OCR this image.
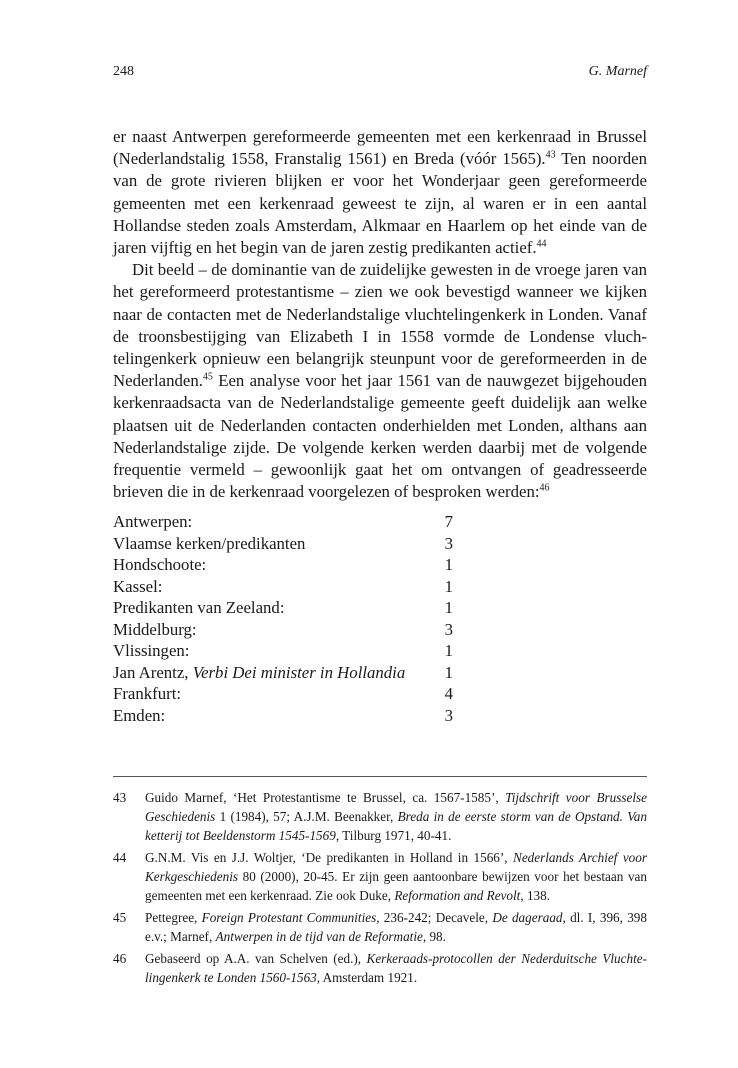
248	G. Marnef

er naast Antwerpen gereformeerde gemeenten met een kerkenraad in Brussel (Nederlandstalig 1558, Franstalig 1561) en Breda (vóór 1565).$^{43}$ Ten noorden van de grote rivieren blijken er voor het Wonderjaar geen gereformeerde gemeenten met een kerkenraad geweest te zijn, al waren er in een aantal Hollandse steden zoals Amsterdam, Alkmaar en Haarlem op het einde van de jaren vijftig en het begin van de jaren zestig predikanten actief.$^{44}$

Dit beeld – de dominantie van de zuidelijke gewesten in de vroege jaren van het gereformeerd protestantisme – zien we ook bevestigd wanneer we kijken naar de contacten met de Nederlandstalige vluchtelingenkerk in Londen. Vanaf de troonsbestijging van Elizabeth I in 1558 vormde de Londense vluchtelingenkerk opnieuw een belangrijk steunpunt voor de gereformeerden in de Nederlanden.$^{45}$ Een analyse voor het jaar 1561 van de nauwgezet bijgehouden kerkenraadsacta van de Nederlandstalige gemeente geeft duidelijk aan welke plaatsen uit de Nederlanden contacten onderhielden met Londen, althans aan Nederlandstalige zijde. De volgende kerken werden daarbij met de volgende frequentie vermeld – gewoonlijk gaat het om ontvangen of geadresseerde brieven die in de kerkenraad voorgelezen of besproken werden:$^{46}$

Antwerpen:	7
Vlaamse kerken/predikanten	3
Hondschoote:	1
Kassel:	1
Predikanten van Zeeland:	1
Middelburg:	3
Vlissingen:	1
Jan Arentz, Verbi Dei minister in Hollandia	1
Frankfurt:	4
Emden:	3
43 Guido Marnef, ‘Het Protestantisme te Brussel, ca. 1567-1585’, Tijdschrift voor Brusselse Geschiedenis 1 (1984), 57; A.J.M. Beenakker, Breda in de eerste storm van de Opstand. Van ketterij tot Beeldenstorm 1545-1569, Tilburg 1971, 40-41.
44 G.N.M. Vis en J.J. Woltjer, ‘De predikanten in Holland in 1566’, Nederlands Archief voor Kerkgeschiedenis 80 (2000), 20-45. Er zijn geen aantoonbare bewijzen voor het bestaan van gemeenten met een kerkenraad. Zie ook Duke, Reformation and Revolt, 138.
45 Pettegree, Foreign Protestant Communities, 236-242; Decavele, De dageraad, dl. I, 396, 398 e.v.; Marnef, Antwerpen in de tijd van de Reformatie, 98.
46 Gebaseerd op A.A. van Schelven (ed.), Kerkeraads-protocollen der Nederduitsche Vluchtelingenkerk te Londen 1560-1563, Amsterdam 1921.
